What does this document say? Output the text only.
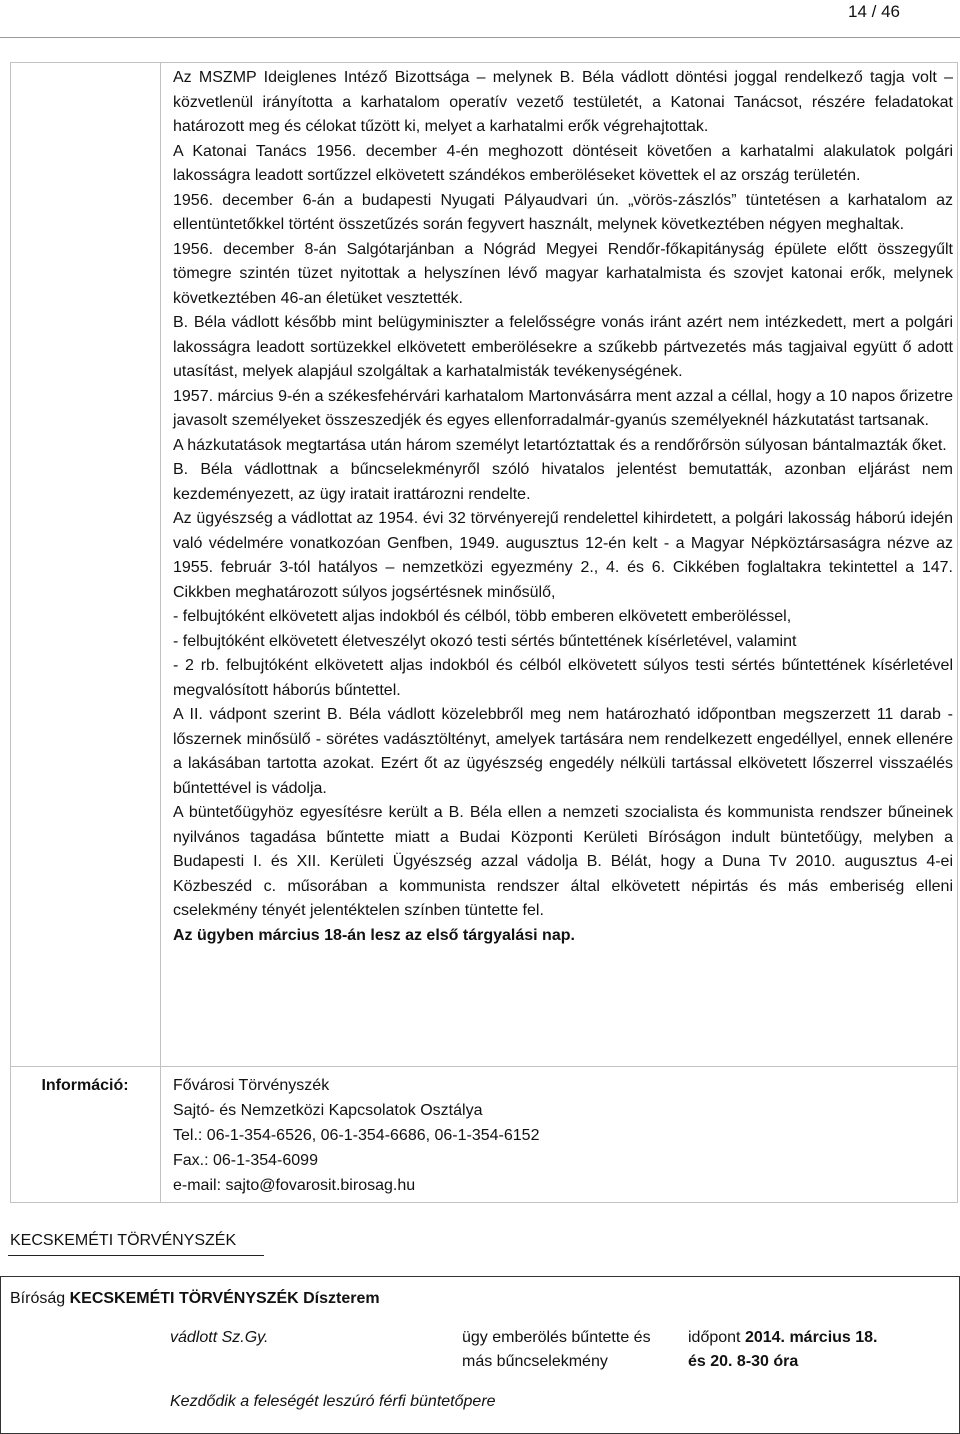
14 / 46

Az MSZMP Ideiglenes Intéző Bizottsága – melynek B. Béla vádlott döntési joggal rendelkező tagja volt – közvetlenül irányította a karhatalom operatív vezető testületét, a Katonai Tanácsot, részére feladatokat határozott meg és célokat tűzött ki, melyet a karhatalmi erők végrehajtottak.

A Katonai Tanács 1956. december 4-én meghozott döntéseit követően a karhatalmi alakulatok polgári lakosságra leadott sortűzzel elkövetett szándékos emberöléseket követtek el az ország területén.

1956. december 6-án a budapesti Nyugati Pályaudvari ún. „vörös-zászlós” tüntetésen a karhatalom az ellentüntetőkkel történt összetűzés során fegyvert használt, melynek következtében négyen meghaltak.

1956. december 8-án Salgótarjánban a Nógrád Megyei Rendőr-főkapitányság épülete előtt összegyűlt tömegre szintén tüzet nyitottak a helyszínen lévő magyar karhatalmista és szovjet katonai erők, melynek következtében 46-an életüket vesztették.

B. Béla vádlott később mint belügyminiszter a felelősségre vonás iránt azért nem intézkedett, mert a polgári lakosságra leadott sortüzekkel elkövetett emberölésekre a szűkebb pártvezetés más tagjaival együtt ő adott utasítást, melyek alapjául szolgáltak a karhatalmisták tevékenységének.

1957. március 9-én a székesfehérvári karhatalom Martonvásárra ment azzal a céllal, hogy a 10 napos őrizetre javasolt személyeket összeszedjék és egyes ellenforradalmár-gyanús személyeknél házkutatást tartsanak.

A házkutatások megtartása után három személyt letartóztattak és a rendőrőrsön súlyosan bántalmazták őket.

B. Béla vádlottnak a bűncselekményről szóló hivatalos jelentést bemutatták, azonban eljárást nem kezdeményezett, az ügy iratait irattározni rendelte.

Az ügyészség a vádlottat az 1954. évi 32 törvényerejű rendelettel kihirdetett, a polgári lakosság háború idején való védelmére vonatkozóan Genfben, 1949. augusztus 12-én kelt - a Magyar Népköztársaságra nézve az 1955. február 3-tól hatályos – nemzetközi egyezmény 2., 4. és 6. Cikkében foglaltakra tekintettel a 147. Cikkben meghatározott súlyos jogsértésnek minősülő,

- felbujtóként elkövetett aljas indokból és célból, több emberen elkövetett emberöléssel,

- felbujtóként elkövetett életveszélyt okozó testi sértés bűntettének kísérletével, valamint

- 2 rb. felbujtóként elkövetett aljas indokból és célból elkövetett súlyos testi sértés bűntettének kísérletével megvalósított háborús bűntettel.

A II. vádpont szerint B. Béla vádlott közelebbről meg nem határozható időpontban megszerzett 11 darab - lőszernek minősülő - sörétes vadásztöltényt, amelyek tartására nem rendelkezett engedéllyel, ennek ellenére a lakásában tartotta azokat. Ezért őt az ügyészség engedély nélküli tartással elkövetett lőszerrel visszaélés bűntettével is vádolja.

A büntetőügyhöz egyesítésre került a B. Béla ellen a nemzeti szocialista és kommunista rendszer bűneinek nyilvános tagadása bűntette miatt a Budai Központi Kerületi Bíróságon indult büntetőügy, melyben a Budapesti I. és XII. Kerületi Ügyészség azzal vádolja B. Bélát, hogy a Duna Tv 2010. augusztus 4-ei Közbeszéd c. műsorában a kommunista rendszer által elkövetett népirtás és más emberiség elleni cselekmény tényét jelentéktelen színben tüntette fel.

Az ügyben március 18-án lesz az első tárgyalási nap.

Információ:	Fővárosi Törvényszék
Sajtó- és Nemzetközi Kapcsolatok Osztálya
Tel.: 06-1-354-6526, 06-1-354-6686, 06-1-354-6152
Fax.: 06-1-354-6099
e-mail: sajto@fovarosit.birosag.hu
KECSKEMÉTI TÖRVÉNYSZÉK
Bíróság KECSKEMÉTI TÖRVÉNYSZÉK Díszterem
vádlott Sz.Gy.	ügy emberölés bűntette és más bűncselekmény
időpont 2014. március 18.
és 20. 8-30 óra
Kezdődik a feleségét leszúró férfi büntetőpere
